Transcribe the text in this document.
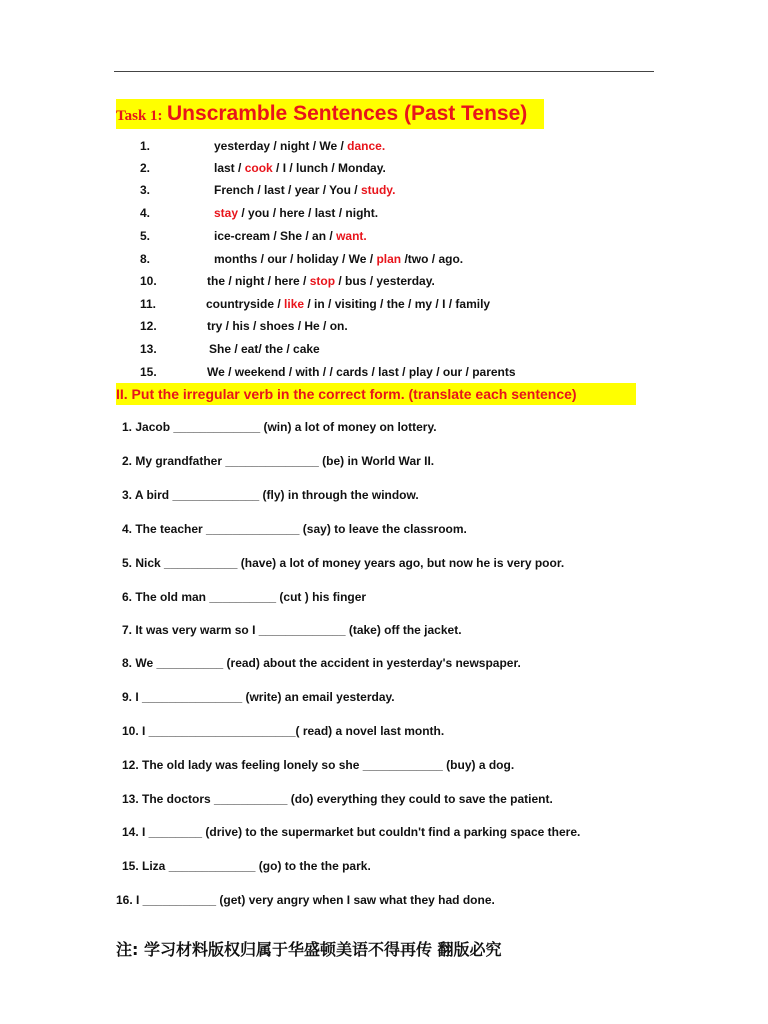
Task 1: Unscramble Sentences (Past Tense)
1.	yesterday / night / We / dance.
2.	last / cook / I / lunch / Monday.
3.	French / last / year / You / study.
4.	stay / you / here / last / night.
5.	ice-cream / She / an / want.
8.	months / our / holiday / We / plan /two / ago.
10.	the / night / here / stop / bus / yesterday.
11.	countryside / like / in / visiting / the / my / I / family
12.	try / his / shoes / He / on.
13.	She / eat/ the / cake
15.	We / weekend / with / / cards / last / play / our / parents
II. Put the irregular verb in the correct form. (translate each sentence)
1. Jacob _____________ (win) a lot of money on lottery.
2. My grandfather ______________ (be) in World War II.
3. A bird _____________ (fly) in through the window.
4. The teacher ______________ (say) to leave the classroom.
5. Nick ___________ (have) a lot of money years ago, but now he is very poor.
6. The old man __________ (cut ) his finger
7. It was very warm so I _____________ (take) off the jacket.
8. We __________ (read) about the accident in yesterday's newspaper.
9. I _______________ (write) an email yesterday.
10. I ______________________( read) a novel last month.
12. The old lady was feeling lonely so she ____________ (buy) a dog.
13. The doctors ___________ (do) everything they could to save the patient.
14. I ________ (drive) to the supermarket but couldn't find a parking space there.
15. Liza _____________ (go) to the the park.
16. I ___________ (get) very angry when I saw what they had done.
注: 学习材料版权归属于华盛顿美语不得再传 翻版必究
